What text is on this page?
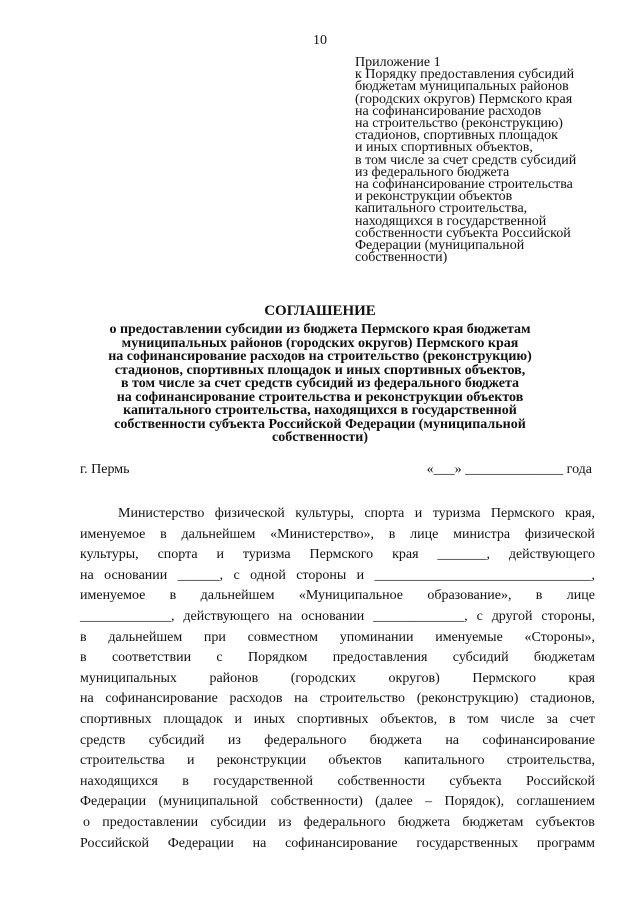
10
Приложение 1
к Порядку предоставления субсидий
бюджетам муниципальных районов
(городских округов) Пермского края
на софинансирование расходов
на строительство (реконструкцию)
стадионов, спортивных площадок
и иных спортивных объектов,
в том числе за счет средств субсидий
из федерального бюджета
на софинансирование строительства
и реконструкции объектов
капитального строительства,
находящихся в государственной
собственности субъекта Российской
Федерации (муниципальной
собственности)
СОГЛАШЕНИЕ
о предоставлении субсидии из бюджета Пермского края бюджетам
муниципальных районов (городских округов) Пермского края
на софинансирование расходов на строительство (реконструкцию)
стадионов, спортивных площадок и иных спортивных объектов,
в том числе за счет средств субсидий из федерального бюджета
на софинансирование строительства и реконструкции объектов
капитального строительства, находящихся в государственной
собственности субъекта Российской Федерации (муниципальной
собственности)
г. Пермь	«___» ______________ года
Министерство физической культуры, спорта и туризма Пермского края,
именуемое в дальнейшем «Министерство», в лице министра физической
культуры, спорта и туризма Пермского края _______, действующего
на основании ______, с одной стороны и _______________________________,
именуемое в дальнейшем «Муниципальное образование», в лице
_____________, действующего на основании _____________, с другой стороны,
в дальнейшем при совместном упоминании именуемые «Стороны»,
в соответствии с Порядком предоставления субсидий бюджетам
муниципальных районов (городских округов) Пермского края
на софинансирование расходов на строительство (реконструкцию) стадионов,
спортивных площадок и иных спортивных объектов, в том числе за счет
средств субсидий из федерального бюджета на софинансирование
строительства и реконструкции объектов капитального строительства,
находящихся в государственной собственности субъекта Российской
Федерации (муниципальной собственности) (далее – Порядок), соглашением
о предоставлении субсидии из федерального бюджета бюджетам субъектов
Российской Федерации на софинансирование государственных программ
